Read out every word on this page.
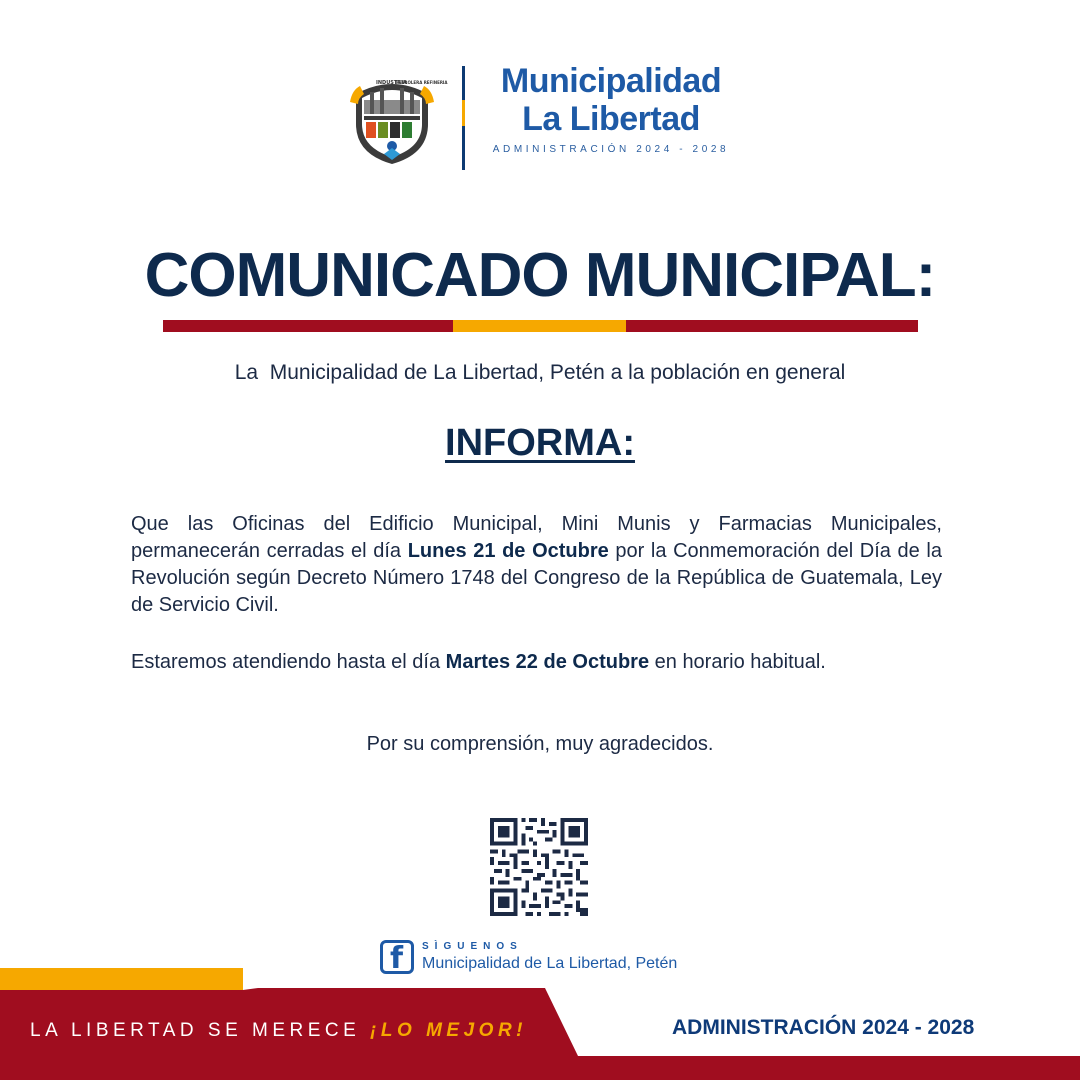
INDUSTRIA
PETROLERA REFINERIA	Municipalidad
La Libertad
ADMINISTRACIÓN 2024 - 2028
COMUNICADO MUNICIPAL:
La  Municipalidad de La Libertad, Petén a la población en general
INFORMA:

Que las Oficinas del Edificio Municipal, Mini Munis y Farmacias Municipales, permanecerán cerradas el día Lunes 21 de Octubre por la Conmemoración del Día de la Revolución según Decreto Número 1748 del Congreso de la República de Guatemala, Ley de Servicio Civil.

Estaremos atendiendo hasta el día Martes 22 de Octubre en horario habitual.

Por su comprensión, muy agradecidos.

f SÌGUENOS
Municipalidad de La Libertad, Petén
LA LIBERTAD SE MERECE ¡LO MEJOR!	ADMINISTRACIÓN 2024 - 2028
